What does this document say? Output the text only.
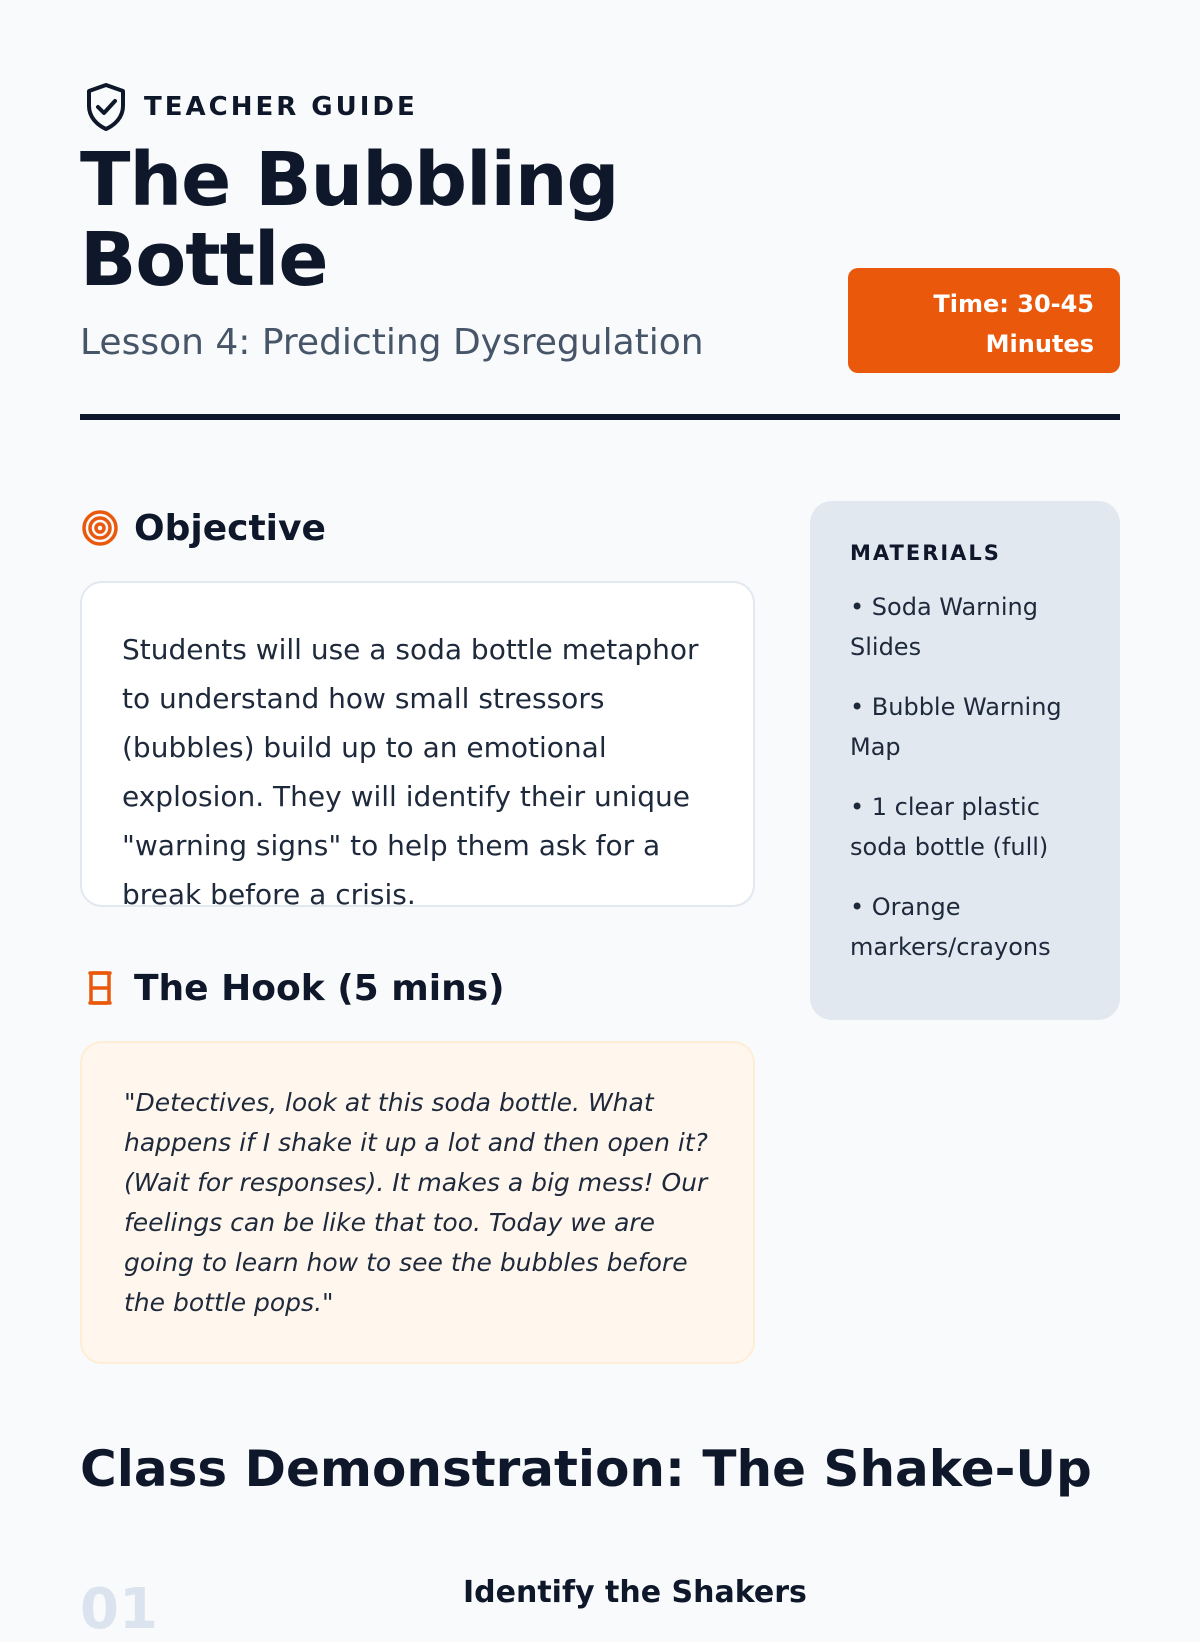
TEACHER GUIDE
The Bubbling Bottle

Lesson 4: Predicting Dysregulation

Time: 30-45
Minutes
Objective
Students will use a soda bottle metaphor to understand how small stressors (bubbles) build up to an emotional explosion. They will identify their unique "warning signs" to help them ask for a break before a crisis.
The Hook (5 mins)
"Detectives, look at this soda bottle. What happens if I shake it up a lot and then open it? (Wait for responses). It makes a big mess! Our feelings can be like that too. Today we are going to learn how to see the bubbles before the bottle pops."
MATERIALS
• Soda Warning Slides
• Bubble Warning Map
• 1 clear plastic soda bottle (full)
• Orange markers/crayons
Class Demonstration: The Shake-Up
01	Identify the Shakers
